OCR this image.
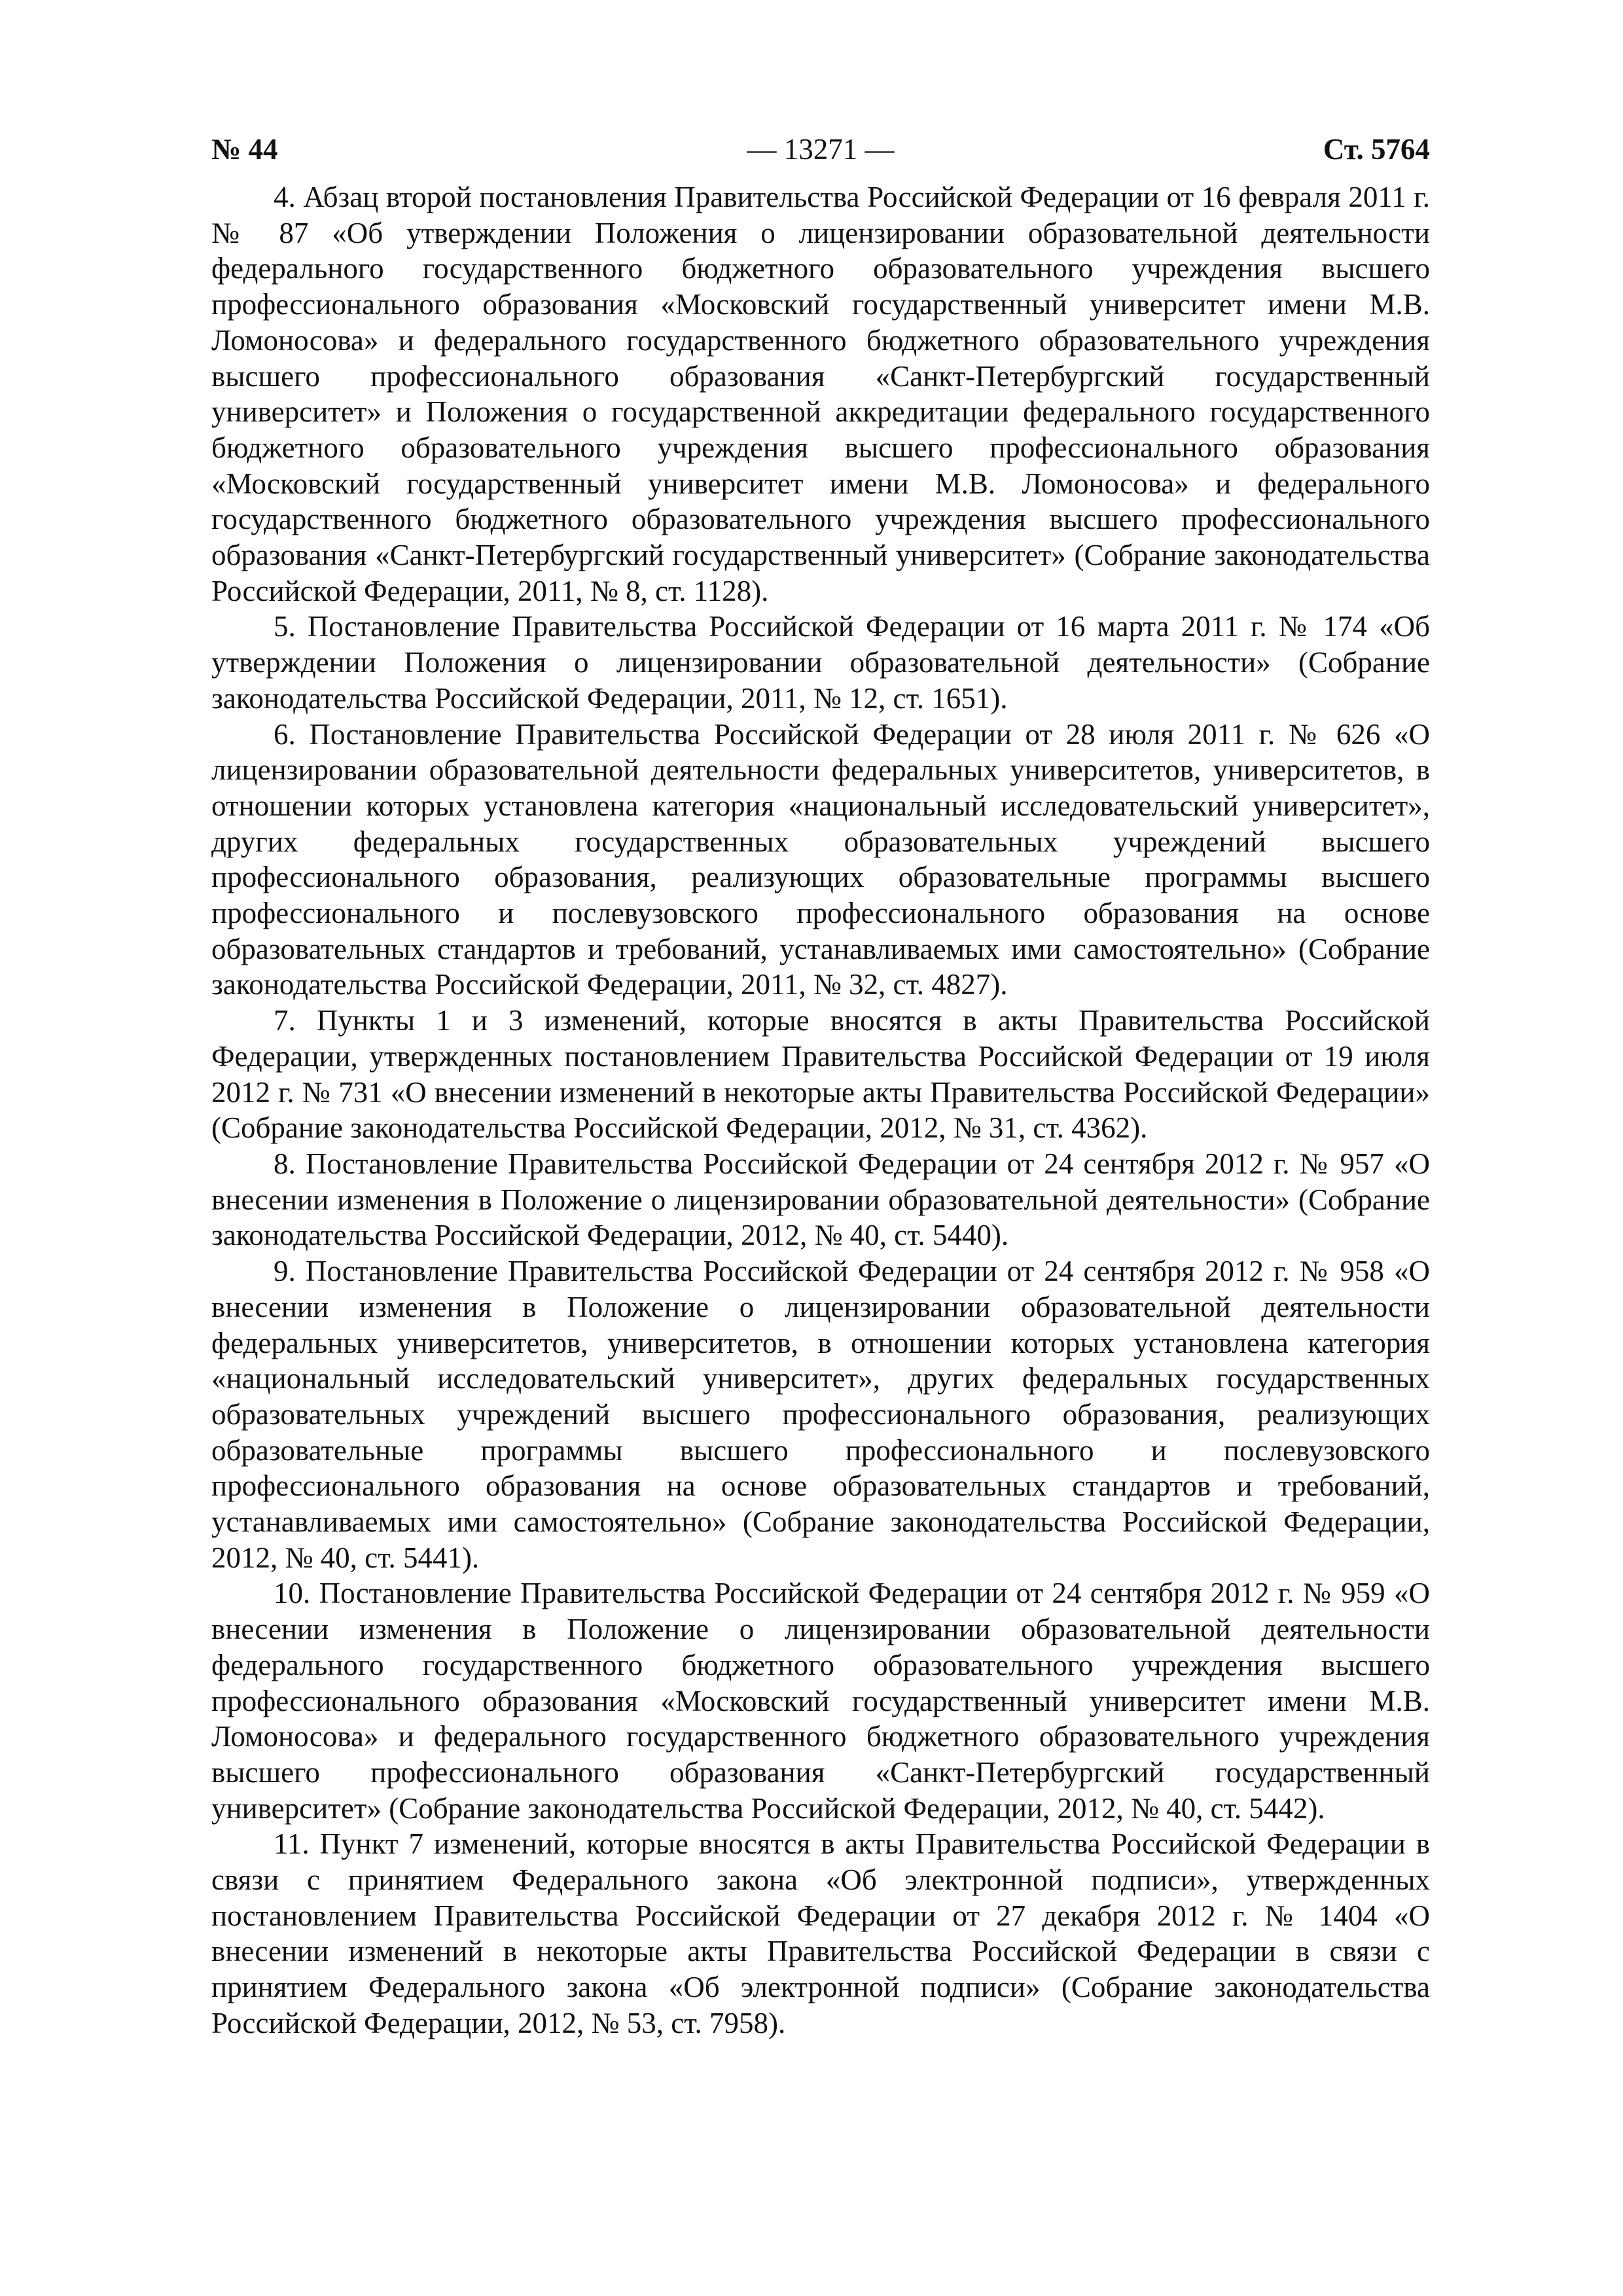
— 13271 —
№ 44	Ст. 5764

4. Абзац второй постановления Правительства Российской Федерации от 16 февраля 2011 г. № 87 «Об утверждении Положения о лицензировании образовательной деятельности федерального государственного бюджетного образовательного учреждения высшего профессионального образования «Московский государственный университет имени М.В. Ломоносова» и федерального государственного бюджетного образовательного учреждения высшего профессионального образования «Санкт-Петербургский государственный университет» и Положения о государственной аккредитации федерального государственного бюджетного образовательного учреждения высшего профессионального образования «Московский государственный университет имени М.В. Ломоносова» и федерального государственного бюджетного образовательного учреждения высшего профессионального образования «Санкт-Петербургский государственный университет» (Собрание законодательства Российской Федерации, 2011, № 8, ст. 1128).

5. Постановление Правительства Российской Федерации от 16 марта 2011 г. № 174 «Об утверждении Положения о лицензировании образовательной деятельности» (Собрание законодательства Российской Федерации, 2011, № 12, ст. 1651).

6. Постановление Правительства Российской Федерации от 28 июля 2011 г. № 626 «О лицензировании образовательной деятельности федеральных университетов, университетов, в отношении которых установлена категория «национальный исследовательский университет», других федеральных государственных образовательных учреждений высшего профессионального образования, реализующих образовательные программы высшего профессионального и послевузовского профессионального образования на основе образовательных стандартов и требований, устанавливаемых ими самостоятельно» (Собрание законодательства Российской Федерации, 2011, № 32, ст. 4827).

7. Пункты 1 и 3 изменений, которые вносятся в акты Правительства Российской Федерации, утвержденных постановлением Правительства Российской Федерации от 19 июля 2012 г. № 731 «О внесении изменений в некоторые акты Правительства Российской Федерации» (Собрание законодательства Российской Федерации, 2012, № 31, ст. 4362).

8. Постановление Правительства Российской Федерации от 24 сентября 2012 г. № 957 «О внесении изменения в Положение о лицензировании образовательной деятельности» (Собрание законодательства Российской Федерации, 2012, № 40, ст. 5440).

9. Постановление Правительства Российской Федерации от 24 сентября 2012 г. № 958 «О внесении изменения в Положение о лицензировании образовательной деятельности федеральных университетов, университетов, в отношении которых установлена категория «национальный исследовательский университет», других федеральных государственных образовательных учреждений высшего профессионального образования, реализующих образовательные программы высшего профессионального и послевузовского профессионального образования на основе образовательных стандартов и требований, устанавливаемых ими самостоятельно» (Собрание законодательства Российской Федерации, 2012, № 40, ст. 5441).

10. Постановление Правительства Российской Федерации от 24 сентября 2012 г. № 959 «О внесении изменения в Положение о лицензировании образовательной деятельности федерального государственного бюджетного образовательного учреждения высшего профессионального образования «Московский государственный университет имени М.В. Ломоносова» и федерального государственного бюджетного образовательного учреждения высшего профессионального образования «Санкт-Петербургский государственный университет» (Собрание законодательства Российской Федерации, 2012, № 40, ст. 5442).

11. Пункт 7 изменений, которые вносятся в акты Правительства Российской Федерации в связи с принятием Федерального закона «Об электронной подписи», утвержденных постановлением Правительства Российской Федерации от 27 декабря 2012 г. № 1404 «О внесении изменений в некоторые акты Правительства Российской Федерации в связи с принятием Федерального закона «Об электронной подписи» (Собрание законодательства Российской Федерации, 2012, № 53, ст. 7958).
